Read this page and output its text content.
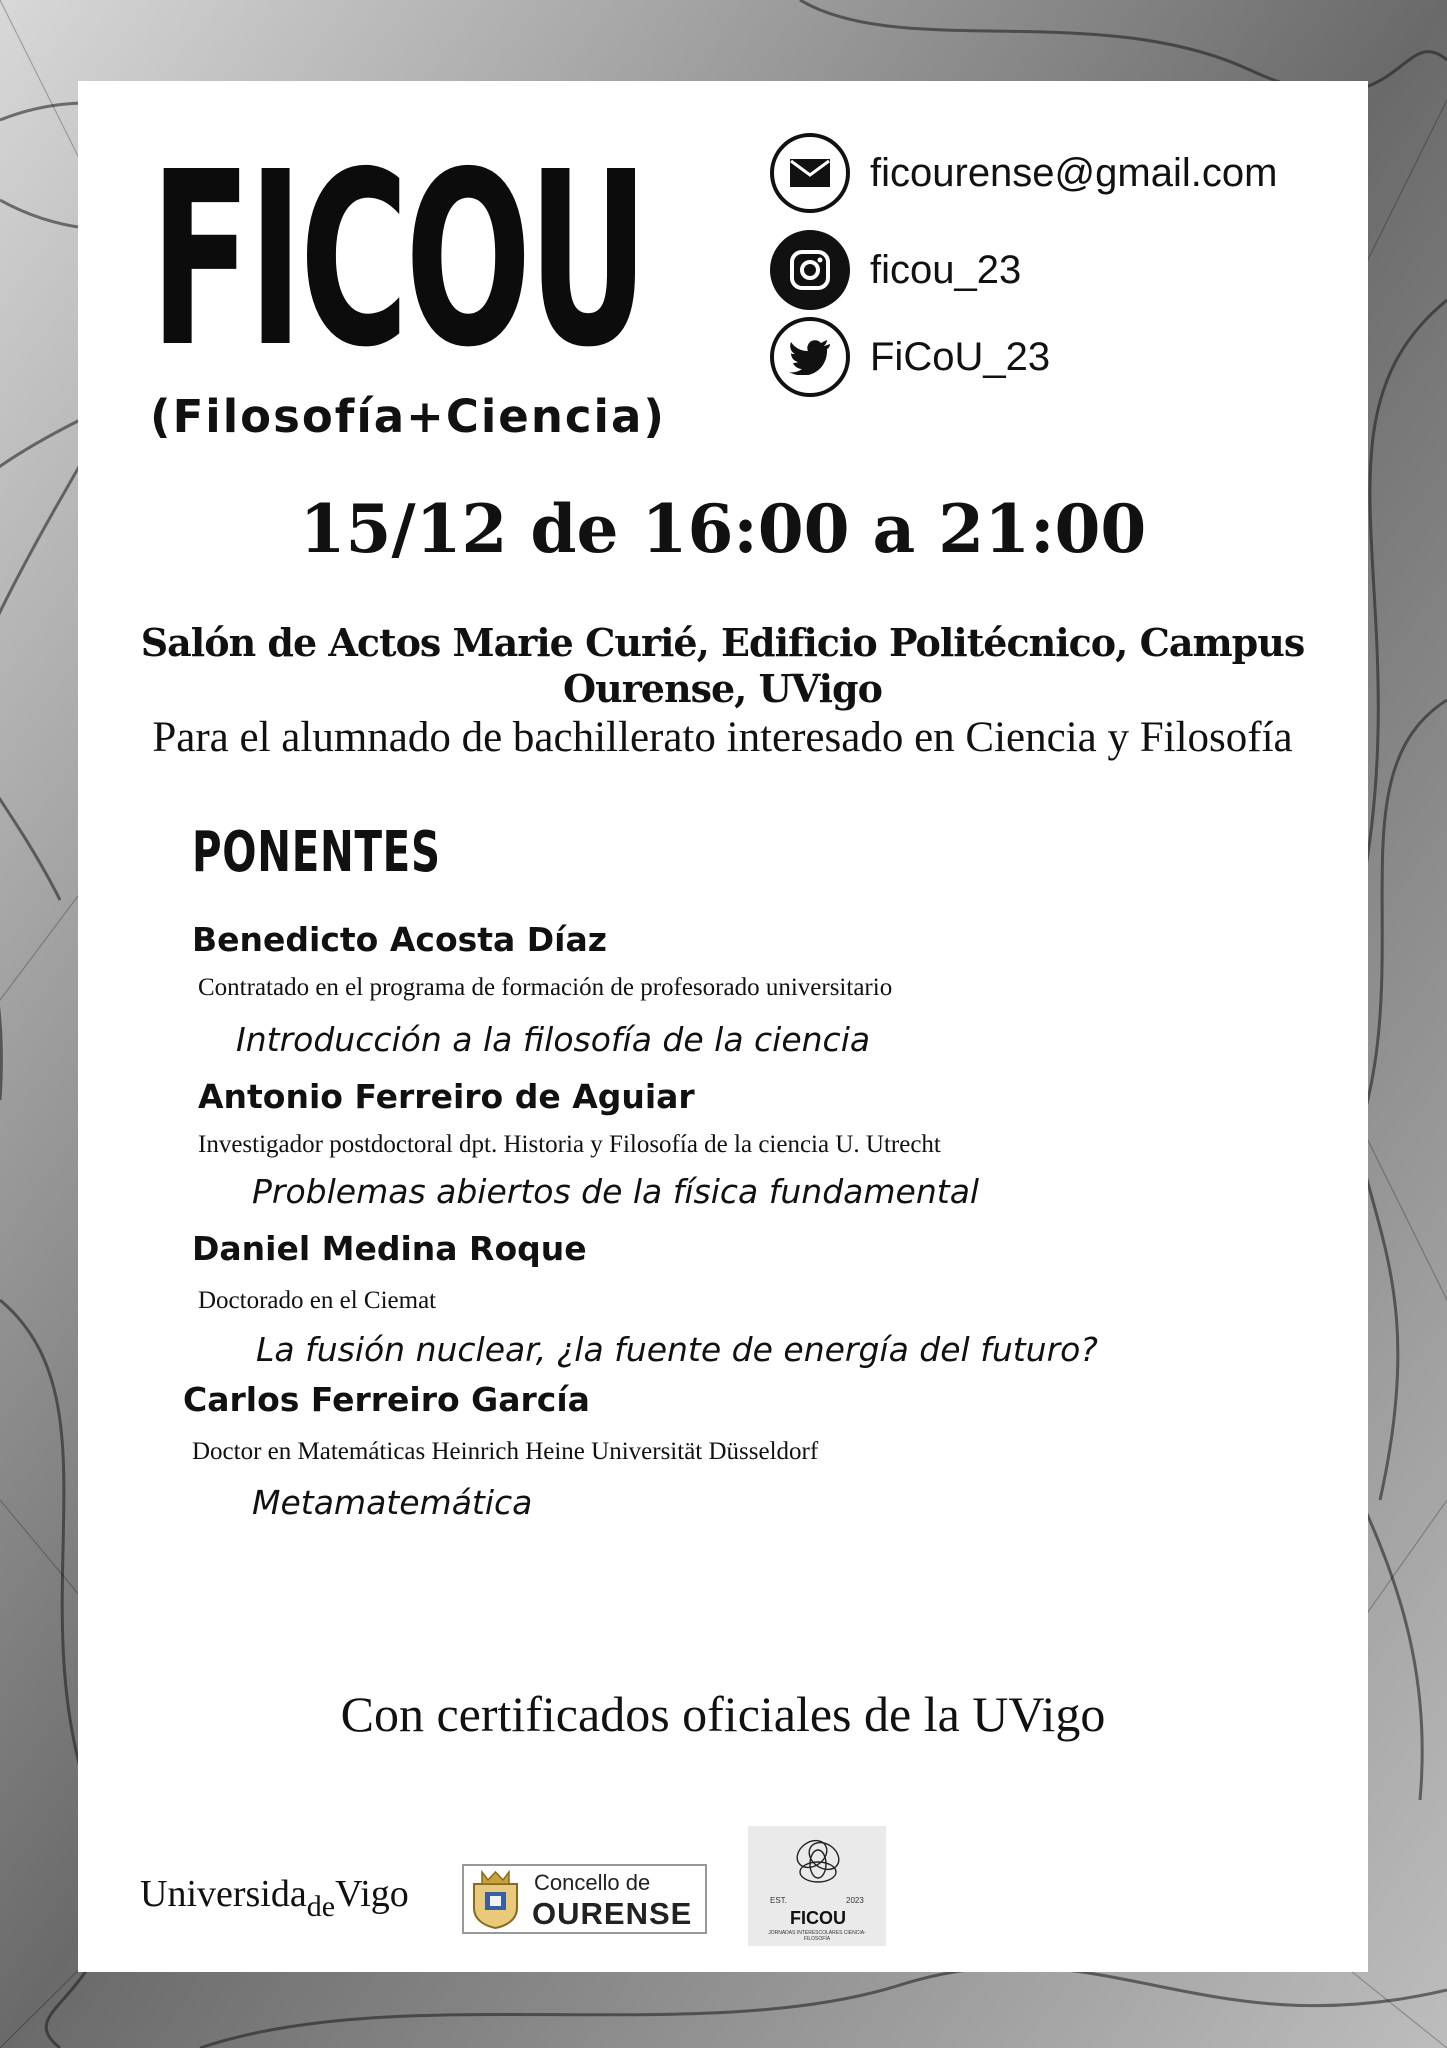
FICOU
(Filosofía+Ciencia)
ficourense@gmail.com
ficou_23
FiCoU_23
15/12 de 16:00 a 21:00
Salón de Actos Marie Curié, Edificio Politécnico, Campus Ourense, UVigo
Para el alumnado de bachillerato interesado en Ciencia y Filosofía
PONENTES
Benedicto Acosta Díaz
Contratado en el programa de formación de profesorado universitario
Introducción a la filosofía de la ciencia
Antonio Ferreiro de Aguiar
Investigador postdoctoral dpt. Historia y Filosofía de la ciencia U. Utrecht
Problemas abiertos de la física fundamental
Daniel Medina Roque
Doctorado en el Ciemat
La fusión nuclear, ¿la fuente de energía del futuro?
Carlos Ferreiro García
Doctor en Matemáticas Heinrich Heine Universität Düsseldorf
Metamatemática
Con certificados oficiales de la UVigo
Universida$_{de}$Vigo	Concello de
OURENSE	EST.	2023
FICOU
JORNADAS INTERESCOLARES CIENCIA-FILOSOFÍA
